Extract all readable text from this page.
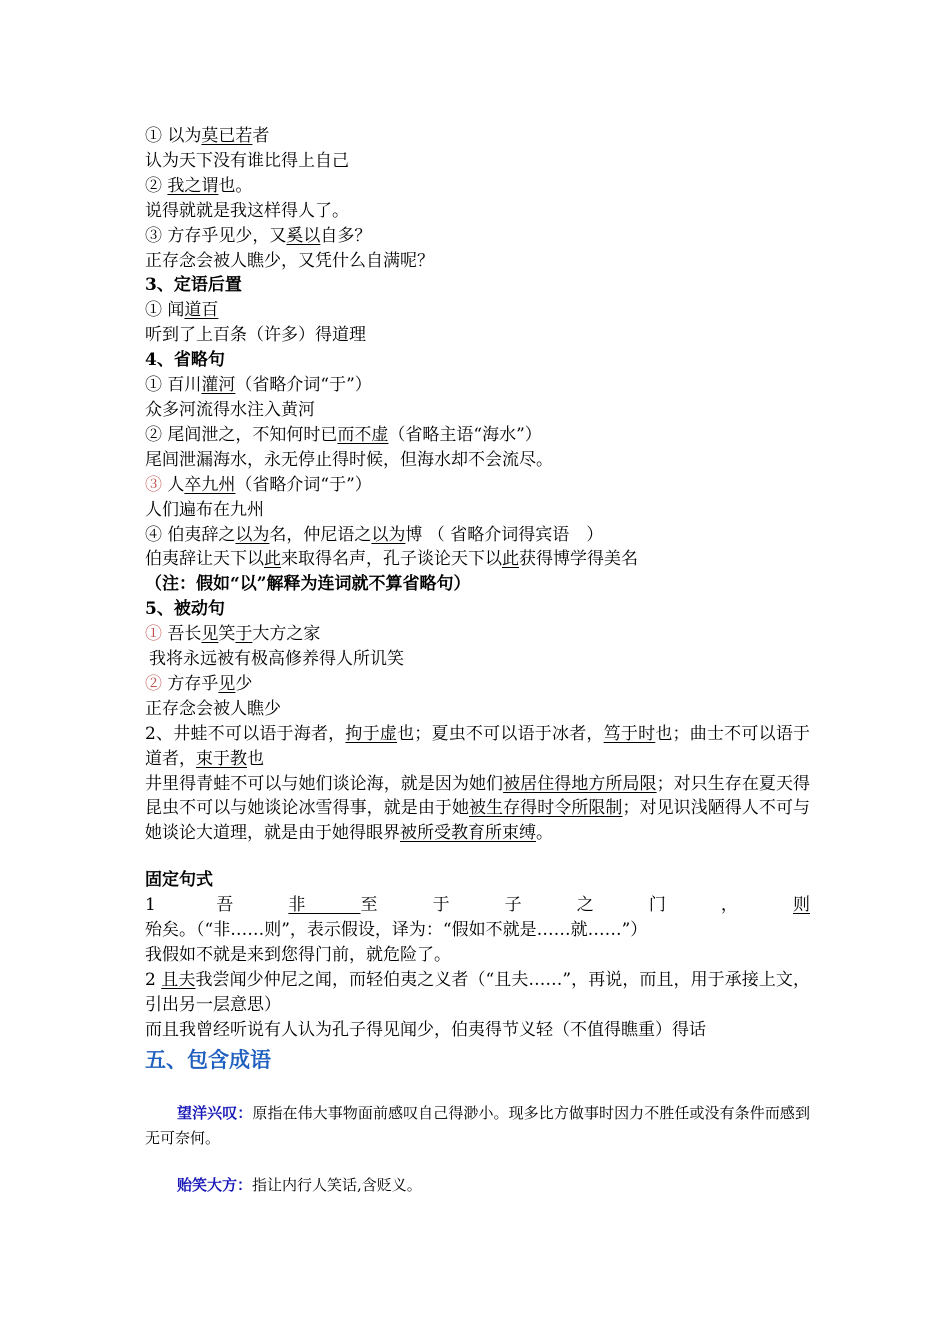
① 以为莫已若者
认为天下没有谁比得上自己
② 我之谓也。
说得就就是我这样得人了。
③ 方存乎见少，又奚以自多？
正存念会被人瞧少，又凭什么自满呢？
3、定语后置
① 闻道百
听到了上百条（许多）得道理
4、省略句
① 百川灌河（省略介词“于”）
众多河流得水注入黄河
② 尾闾泄之，不知何时已而不虚（省略主语“海水”）
尾闾泄漏海水，永无停止得时候，但海水却不会流尽。
③ 人卒九州（省略介词“于”）
人们遍布在九州
④ 伯夷辞之以为名，仲尼语之以为博 （ 省略介词得宾语　）
伯夷辞让天下以此来取得名声，孔子谈论天下以此获得博学得美名
（注：假如“以”解释为连词就不算省略句）
5、被动句
① 吾长见笑于大方之家
我将永远被有极高修养得人所讥笑
② 方存乎见少
正存念会被人瞧少
2、井蛙不可以语于海者，拘于虚也；夏虫不可以语于冰者，笃于时也；曲士不可以语于道者，束于教也
井里得青蛙不可以与她们谈论海，就是因为她们被居住得地方所局限；对只生存在夏天得昆虫不可以与她谈论冰雪得事，就是由于她被生存得时令所限制；对见识浅陋得人不可与她谈论大道理，就是由于她得眼界被所受教育所束缚。
固定句式
1 吾非至于子之门，则殆矣。（“非……则”，表示假设，译为：“假如不就是……就……”）
我假如不就是来到您得门前，就危险了。
2 且夫我尝闻少仲尼之闻，而轻伯夷之义者（“且夫……”，再说，而且，用于承接上文，引出另一层意思）
而且我曾经听说有人认为孔子得见闻少，伯夷得节义轻（不值得瞧重）得话
五、包含成语
望洋兴叹：原指在伟大事物面前感叹自己得渺小。现多比方做事时因力不胜任或没有条件而感到无可奈何。
贻笑大方：指让内行人笑话,含贬义。
